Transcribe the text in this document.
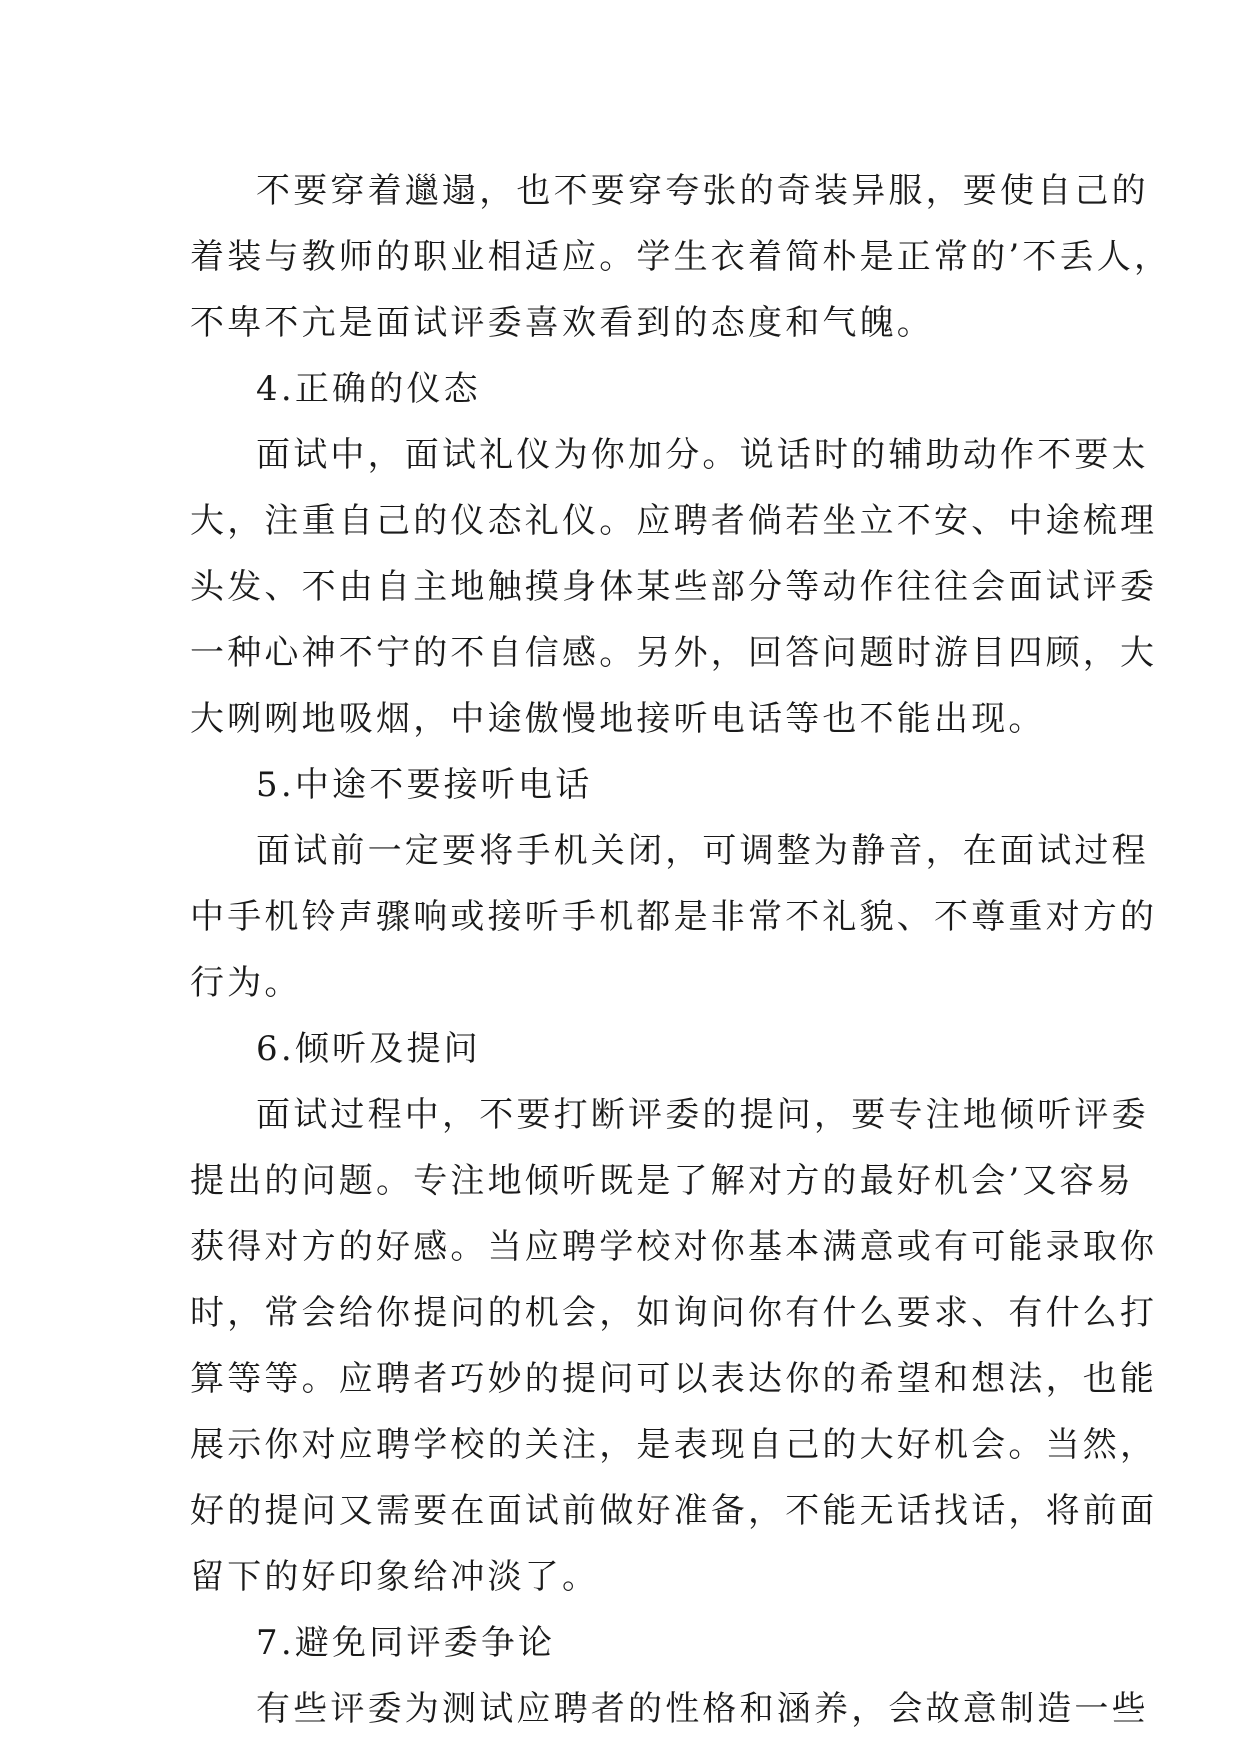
不要穿着邋遢，也不要穿夸张的奇装异服，要使自己的
着装与教师的职业相适应。学生衣着简朴是正常的’不丢人，
不卑不亢是面试评委喜欢看到的态度和气魄。
4.正确的仪态
面试中，面试礼仪为你加分。说话时的辅助动作不要太
大，注重自己的仪态礼仪。应聘者倘若坐立不安、中途梳理
头发、不由自主地触摸身体某些部分等动作往往会面试评委
一种心神不宁的不自信感。另外，回答问题时游目四顾，大
大咧咧地吸烟，中途傲慢地接听电话等也不能出现。
5.中途不要接听电话
面试前一定要将手机关闭，可调整为静音，在面试过程
中手机铃声骤响或接听手机都是非常不礼貌、不尊重对方的
行为。
6.倾听及提问
面试过程中，不要打断评委的提问，要专注地倾听评委
提出的问题。专注地倾听既是了解对方的最好机会’又容易
获得对方的好感。当应聘学校对你基本满意或有可能录取你
时，常会给你提问的机会，如询问你有什么要求、有什么打
算等等。应聘者巧妙的提问可以表达你的希望和想法，也能
展示你对应聘学校的关注，是表现自己的大好机会。当然，
好的提问又需要在面试前做好准备，不能无话找话，将前面
留下的好印象给冲淡了。
7.避免同评委争论
有些评委为测试应聘者的性格和涵养，会故意制造一些
